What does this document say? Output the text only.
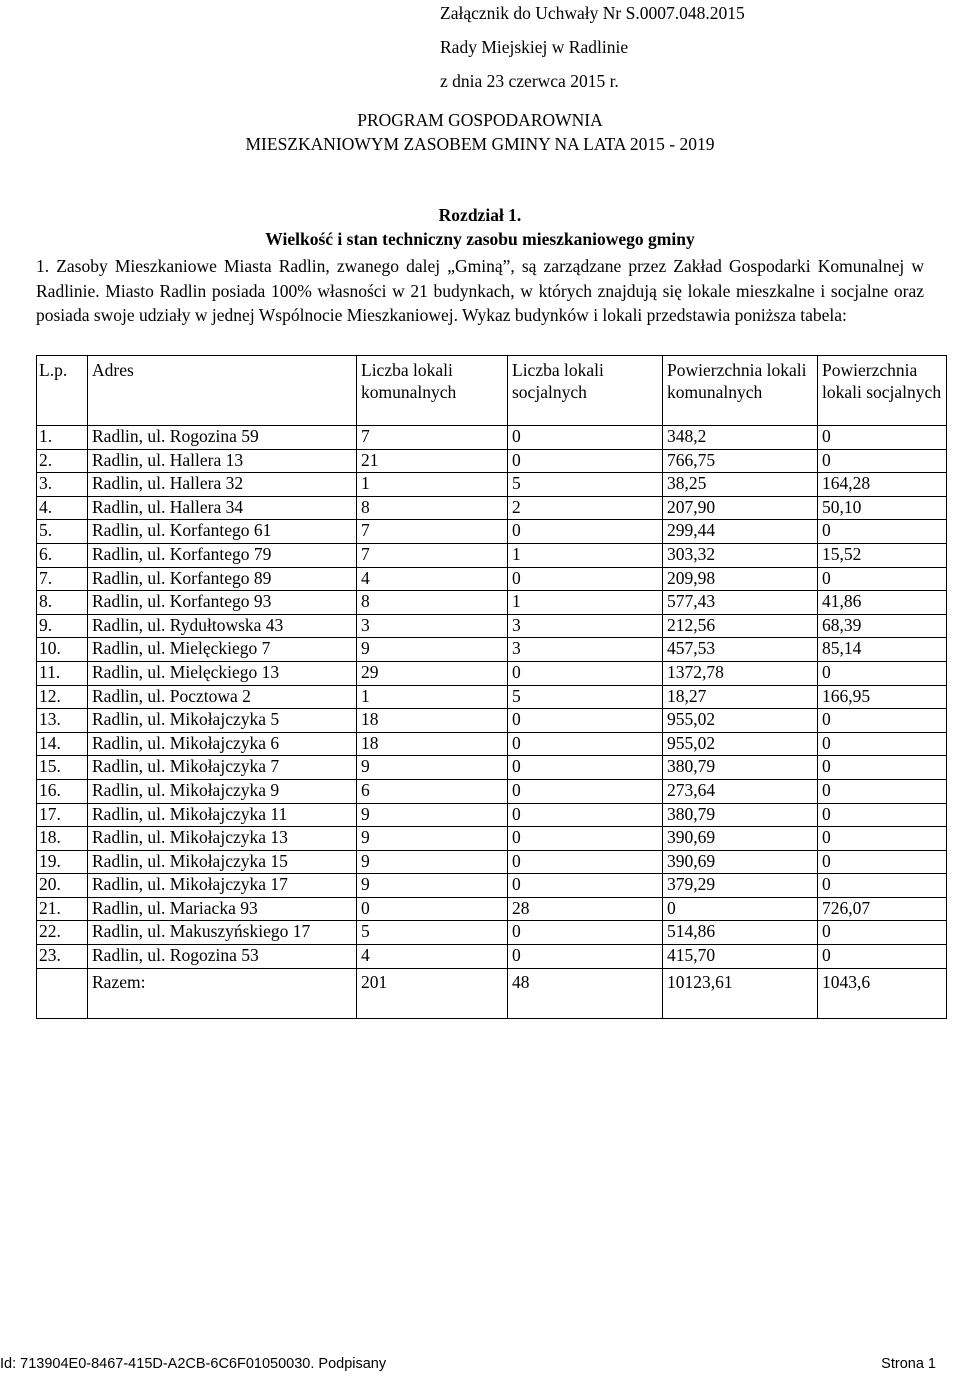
Załącznik do Uchwały Nr S.0007.048.2015
Rady Miejskiej w Radlinie
z dnia 23 czerwca 2015 r.
PROGRAM GOSPODAROWNIA
MIESZKANIOWYM ZASOBEM GMINY NA LATA 2015 - 2019
Rozdział 1.
Wielkość i stan techniczny zasobu mieszkaniowego gminy
1. Zasoby Mieszkaniowe Miasta Radlin, zwanego dalej „Gminą”, są zarządzane przez Zakład Gospodarki Komunalnej w Radlinie. Miasto Radlin posiada 100% własności w 21 budynkach, w których znajdują się lokale mieszkalne i socjalne oraz posiada swoje udziały w jednej Wspólnocie Mieszkaniowej. Wykaz budynków i lokali przedstawia poniższa tabela:
L.p.	Adres	Liczba lokali komunalnych	Liczba lokali socjalnych	Powierzchnia lokali komunalnych	Powierzchnia lokali socjalnych
1.	Radlin, ul. Rogozina 59	7	0	348,2	0
2.	Radlin, ul. Hallera 13	21	0	766,75	0
3.	Radlin, ul. Hallera 32	1	5	38,25	164,28
4.	Radlin, ul. Hallera 34	8	2	207,90	50,10
5.	Radlin, ul. Korfantego 61	7	0	299,44	0
6.	Radlin, ul. Korfantego 79	7	1	303,32	15,52
7.	Radlin, ul. Korfantego 89	4	0	209,98	0
8.	Radlin, ul. Korfantego 93	8	1	577,43	41,86
9.	Radlin, ul. Rydułtowska 43	3	3	212,56	68,39
10.	Radlin, ul. Mielęckiego 7	9	3	457,53	85,14
11.	Radlin, ul. Mielęckiego 13	29	0	1372,78	0
12.	Radlin, ul. Pocztowa 2	1	5	18,27	166,95
13.	Radlin, ul. Mikołajczyka 5	18	0	955,02	0
14.	Radlin, ul. Mikołajczyka 6	18	0	955,02	0
15.	Radlin, ul. Mikołajczyka 7	9	0	380,79	0
16.	Radlin, ul. Mikołajczyka 9	6	0	273,64	0
17.	Radlin, ul. Mikołajczyka 11	9	0	380,79	0
18.	Radlin, ul. Mikołajczyka 13	9	0	390,69	0
19.	Radlin, ul. Mikołajczyka 15	9	0	390,69	0
20.	Radlin, ul. Mikołajczyka 17	9	0	379,29	0
21.	Radlin, ul. Mariacka 93	0	28	0	726,07
22.	Radlin, ul. Makuszyńskiego 17	5	0	514,86	0
23.	Radlin, ul. Rogozina 53	4	0	415,70	0
	Razem:	201	48	10123,61	1043,6
Id: 713904E0-8467-415D-A2CB-6C6F01050030. Podpisany	Strona 1
